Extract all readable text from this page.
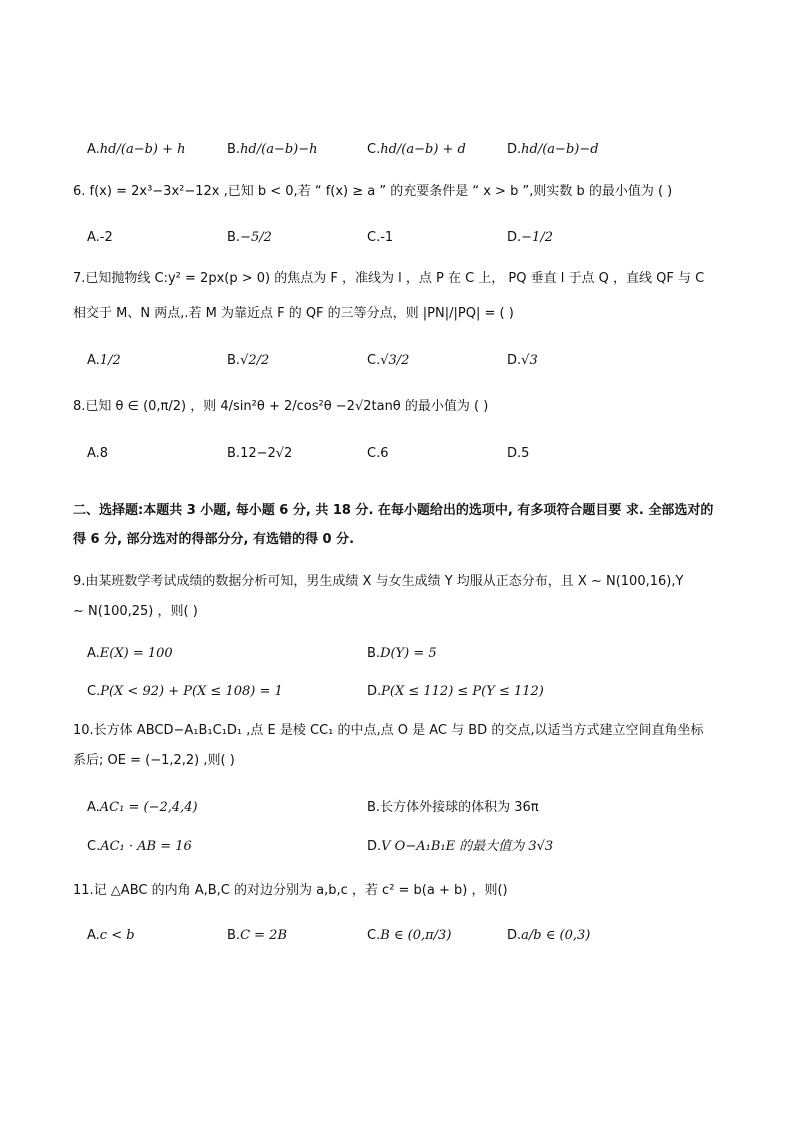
A.hd/(a−b) + h	B.hd/(a−b)−h	C.hd/(a−b) + d	D.hd/(a−b)−d
6. f(x) = 2x³−3x²−12x ,已知 b < 0,若 “ f(x) ≥ a ” 的充要条件是 “ x > b ”,则实数 b 的最小值为 ( )
A.-2	B.−5/2	C.-1	D.−1/2
7.已知抛物线 C:y² = 2px(p > 0) 的焦点为 F ，准线为 l ，点 P 在 C 上， PQ 垂直 l 于点 Q ，直线 QF 与 C
相交于 M、N 两点,.若 M 为靠近点 F 的 QF 的三等分点，则 |PN|/|PQ| = ( )
A.1/2	B.√2/2	C.√3/2	D.√3
8.已知 θ ∈ (0,π/2) ，则 4/sin²θ + 2/cos²θ −2√2tanθ 的最小值为 ( )
A.8	B.12−2√2	C.6	D.5
二、选择题:本题共 3 小题, 每小题 6 分, 共 18 分. 在每小题给出的选项中, 有多项符合题目要 求. 全部选对的
得 6 分, 部分选对的得部分分, 有选错的得 0 分.
9.由某班数学考试成绩的数据分析可知，男生成绩 X 与女生成绩 Y 均服从正态分布，且 X ∼ N(100,16),Y
∼ N(100,25) ，则( )
A.E(X) = 100	B.D(Y) = 5
C.P(X < 92) + P(X ≤ 108) = 1	D.P(X ≤ 112) ≤ P(Y ≤ 112)
10.长方体 ABCD−A₁B₁C₁D₁ ,点 E 是棱 CC₁ 的中点,点 O 是 AC 与 BD 的交点,以适当方式建立空间直角坐标
系后; OE = (−1,2,2) ,则( )
A.AC₁ = (−2,4,4)	B.长方体外接球的体积为 36π
C.AC₁ · AB = 16	D.V O−A₁B₁E 的最大值为 3√3
11.记 △ABC 的内角 A,B,C 的对边分别为 a,b,c ，若 c² = b(a + b) ，则()
A.c < b	B.C = 2B	C.B ∈ (0,π/3)	D.a/b ∈ (0,3)
